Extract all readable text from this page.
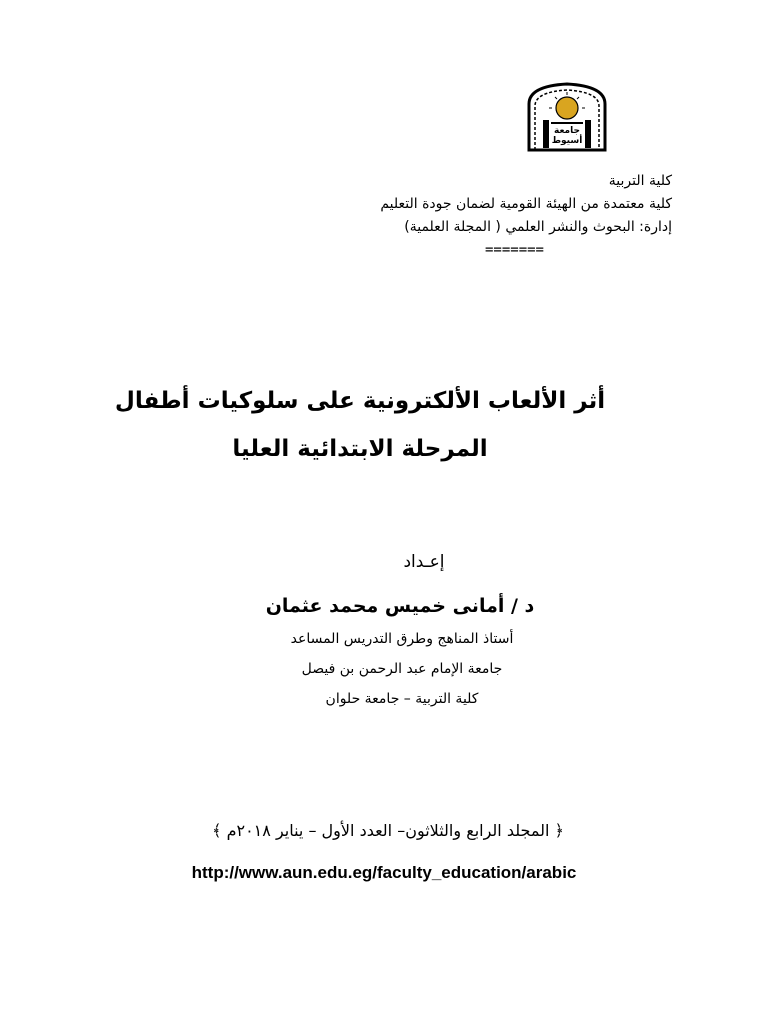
جامعة أسيوط
كلية التربية
كلية معتمدة من الهيئة القومية لضمان جودة التعليم
إدارة: البحوث والنشر العلمي ( المجلة العلمية)
=======
أثر الألعاب الألكترونية على سلوكيات أطفال
المرحلة الابتدائية العليا
إعـداد
د / أمانى خميس محمد عثمان
أستاذ المناهج وطرق التدريس المساعد
جامعة الإمام عبد الرحمن بن فيصل
كلية التربية – جامعة حلوان
﴿ المجلد الرابع والثلاثون– العدد الأول – يناير ٢٠١٨م ﴾
http://www.aun.edu.eg/faculty_education/arabic
